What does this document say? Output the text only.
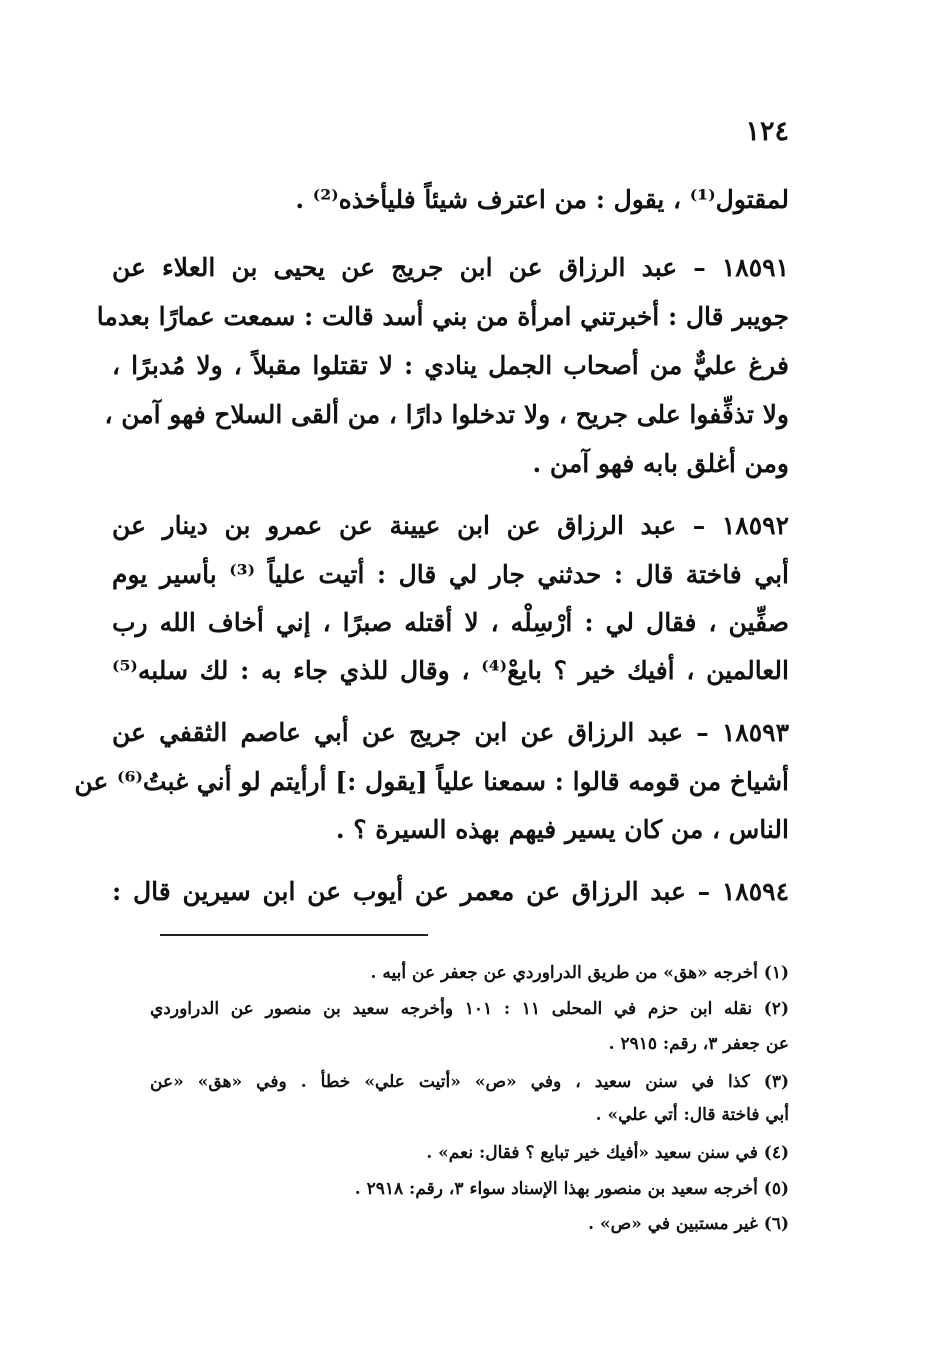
١٢٤
لمقتول⁽¹⁾ ، يقول : من اعترف شيئاً فليأخذه⁽²⁾ .
١٨٥٩١ – عبد الرزاق عن ابن جريج عن يحيى بن العلاء عن
جويبر قال : أخبرتني امرأة من بني أسد قالت : سمعت عمارًا بعدما
فرغ عليٌّ من أصحاب الجمل ينادي : لا تقتلوا مقبلاً ، ولا مُدبرًا ،
ولا تذفِّفوا على جريح ، ولا تدخلوا دارًا ، من ألقى السلاح فهو آمن ،
ومن أغلق بابه فهو آمن .
١٨٥٩٢ – عبد الرزاق عن ابن عيينة عن عمرو بن دينار عن
أبي فاختة قال : حدثني جار لي قال : أتيت علياً ⁽³⁾ بأسير يوم
صفِّين ، فقال لي : أرْسِلْه ، لا أقتله صبرًا ، إني أخاف الله رب
العالمين ، أفيك خير ؟ بايعْ⁽⁴⁾ ، وقال للذي جاء به : لك سلبه⁽⁵⁾
١٨٥٩٣ – عبد الرزاق عن ابن جريج عن أبي عاصم الثقفي عن
أشياخ من قومه قالوا : سمعنا علياً [يقول :] أرأيتم لو أني غبتُ⁽⁶⁾ عن
الناس ، من كان يسير فيهم بهذه السيرة ؟ .
١٨٥٩٤ – عبد الرزاق عن معمر عن أيوب عن ابن سيرين قال :
(١) أخرجه «هق» من طريق الدراوردي عن جعفر عن أبيه .
(٢) نقله ابن حزم في المحلى ١١ : ١٠١ وأخرجه سعيد بن منصور عن الدراوردي
عن جعفر ٣، رقم: ٢٩١٥ .
(٣) كذا في سنن سعيد ، وفي «ص» «أتيت علي» خطأ . وفي «هق» «عن
أبي فاختة قال: أتي علي» .
(٤) في سنن سعيد «أفيك خير تبايع ؟ فقال: نعم» .
(٥) أخرجه سعيد بن منصور بهذا الإسناد سواء ٣، رقم: ٢٩١٨ .
(٦) غير مستبين في «ص» .
